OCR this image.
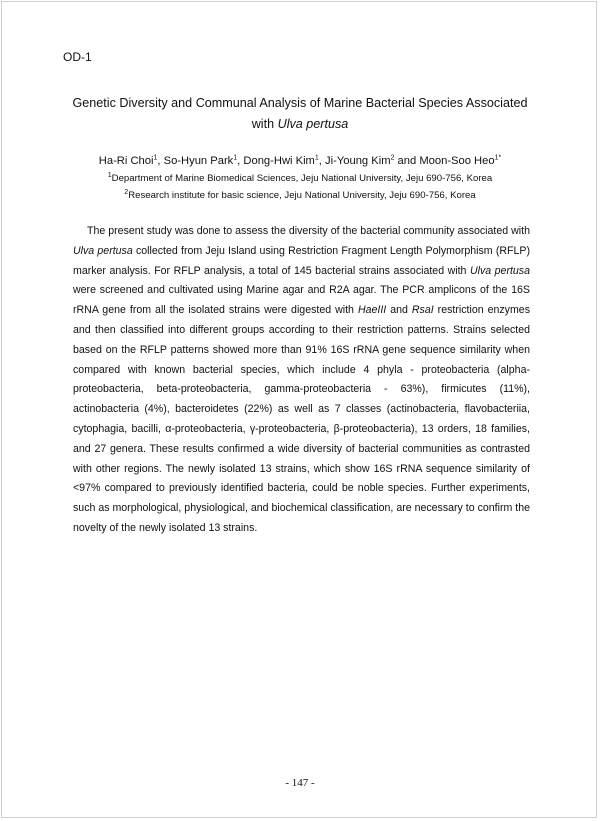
OD-1
Genetic Diversity and Communal Analysis of Marine Bacterial Species Associated
with Ulva pertusa
Ha-Ri Choi$^1$, So-Hyun Park$^1$, Dong-Hwi Kim$^1$, Ji-Young Kim$^2$ and Moon-Soo Heo$^{1*}$
$^1$Department of Marine Biomedical Sciences, Jeju National University, Jeju 690-756, Korea
$^2$Research institute for basic science, Jeju National University, Jeju 690-756, Korea
The present study was done to assess the diversity of the bacterial community associated with Ulva pertusa collected from Jeju Island using Restriction Fragment Length Polymorphism (RFLP) marker analysis. For RFLP analysis, a total of 145 bacterial strains associated with Ulva pertusa were screened and cultivated using Marine agar and R2A agar. The PCR amplicons of the 16S rRNA gene from all the isolated strains were digested with HaeIII and RsaI restriction enzymes and then classified into different groups according to their restriction patterns. Strains selected based on the RFLP patterns showed more than 91% 16S rRNA gene sequence similarity when compared with known bacterial species, which include 4 phyla - proteobacteria (alpha-proteobacteria, beta-proteobacteria, gamma-proteobacteria - 63%), firmicutes (11%), actinobacteria (4%), bacteroidetes (22%) as well as 7 classes (actinobacteria, flavobacteriia, cytophagia, bacilli, α-proteobacteria, γ-proteobacteria, β-proteobacteria), 13 orders, 18 families, and 27 genera. These results confirmed a wide diversity of bacterial communities as contrasted with other regions. The newly isolated 13 strains, which show 16S rRNA sequence similarity of <97% compared to previously identified bacteria, could be noble species. Further experiments, such as morphological, physiological, and biochemical classification, are necessary to confirm the novelty of the newly isolated 13 strains.
- 147 -
